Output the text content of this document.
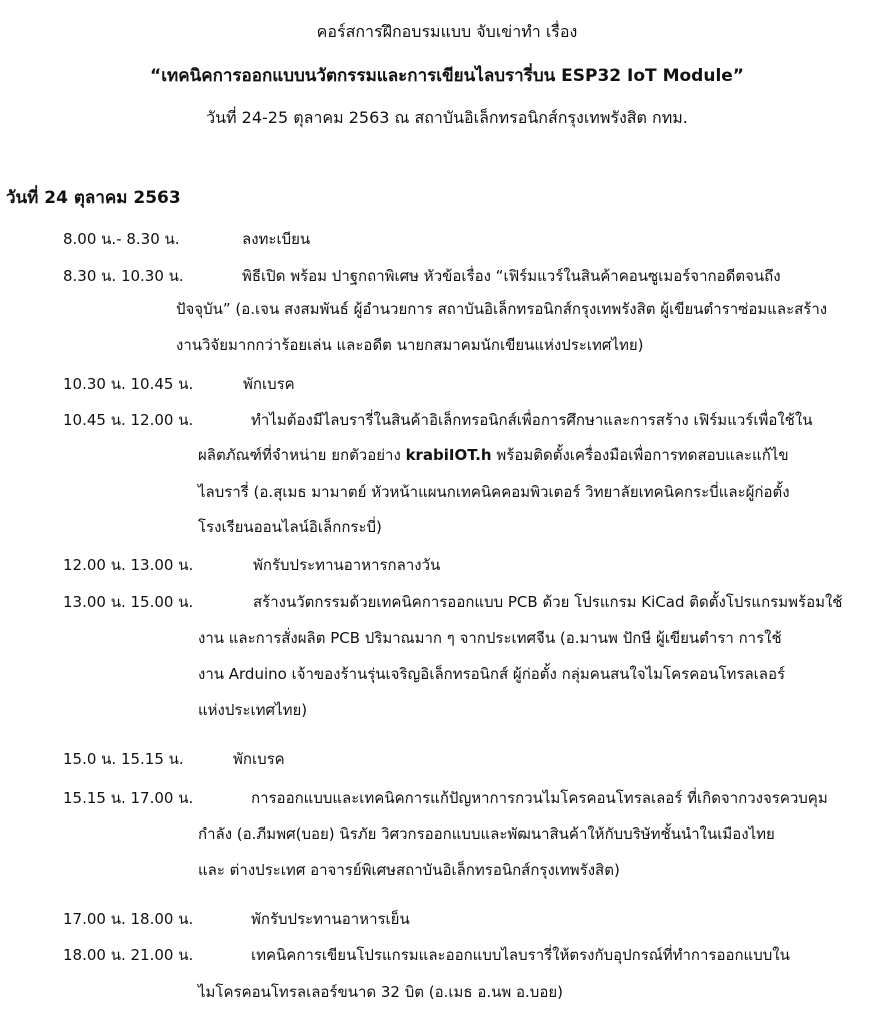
คอร์สการฝึกอบรมแบบ จับเข่าทำ เรื่อง
“เทคนิคการออกแบบนวัตกรรมและการเขียนไลบรารี่บน ESP32 IoT Module”
วันที่ 24-25 ตุลาคม 2563 ณ สถาบันอิเล็กทรอนิกส์กรุงเทพรังสิต กทม.
วันที่ 24 ตุลาคม 2563
8.00 น.- 8.30 น.	ลงทะเบียน
8.30 น. 10.30 น.	พิธีเปิด พร้อม ปาฐกถาพิเศษ หัวข้อเรื่อง “เฟิร์มแวร์ในสินค้าคอนซูเมอร์จากอดีตจนถึง
ปัจจุบัน” (อ.เจน สงสมพันธ์ ผู้อำนวยการ สถาบันอิเล็กทรอนิกส์กรุงเทพรังสิต ผู้เขียนตำราซ่อมและสร้าง
งานวิจัยมากกว่าร้อยเล่น และอดีต นายกสมาคมนักเขียนแห่งประเทศไทย)
10.30 น. 10.45 น.	พักเบรค
10.45 น. 12.00 น.	ทำไมต้องมีไลบรารี่ในสินค้าอิเล็กทรอนิกส์เพื่อการศึกษาและการสร้าง เฟิร์มแวร์เพื่อใช้ใน
ผลิตภัณฑ์ที่จำหน่าย ยกตัวอย่าง krabiIOT.h พร้อมติดตั้งเครื่องมือเพื่อการทดสอบและแก้ไข
ไลบรารี่ (อ.สุเมธ มามาตย์ หัวหน้าแผนกเทคนิคคอมพิวเตอร์ วิทยาลัยเทคนิคกระบี่และผู้ก่อตั้ง
โรงเรียนออนไลน์อิเล็กกระบี่)
12.00 น. 13.00 น.	พักรับประทานอาหารกลางวัน
13.00 น. 15.00 น.	สร้างนวัตกรรมด้วยเทคนิคการออกแบบ PCB ด้วย โปรแกรม KiCad ติดตั้งโปรแกรมพร้อมใช้
งาน และการสั่งผลิต PCB ปริมาณมาก ๆ จากประเทศจีน (อ.มานพ ปักษี ผู้เขียนตำรา การใช้
งาน Arduino เจ้าของร้านรุ่นเจริญอิเล็กทรอนิกส์ ผู้ก่อตั้ง กลุ่มคนสนใจไมโครคอนโทรลเลอร์
แห่งประเทศไทย)
15.0 น. 15.15 น.	พักเบรค
15.15 น. 17.00 น.	การออกแบบและเทคนิคการแก้ปัญหาการกวนไมโครคอนโทรลเลอร์ ที่เกิดจากวงจรควบคุม
กำลัง (อ.ภีมพศ(บอย) นิรภัย วิศวกรออกแบบและพัฒนาสินค้าให้กับบริษัทชั้นนำในเมืองไทย
และ ต่างประเทศ อาจารย์พิเศษสถาบันอิเล็กทรอนิกส์กรุงเทพรังสิต)
17.00 น. 18.00 น.	พักรับประทานอาหารเย็น
18.00 น. 21.00 น.	เทคนิคการเขียนโปรแกรมและออกแบบไลบรารี่ให้ตรงกับอุปกรณ์ที่ทำการออกแบบใน
ไมโครคอนโทรลเลอร์ขนาด 32 บิต (อ.เมธ อ.นพ อ.บอย)
